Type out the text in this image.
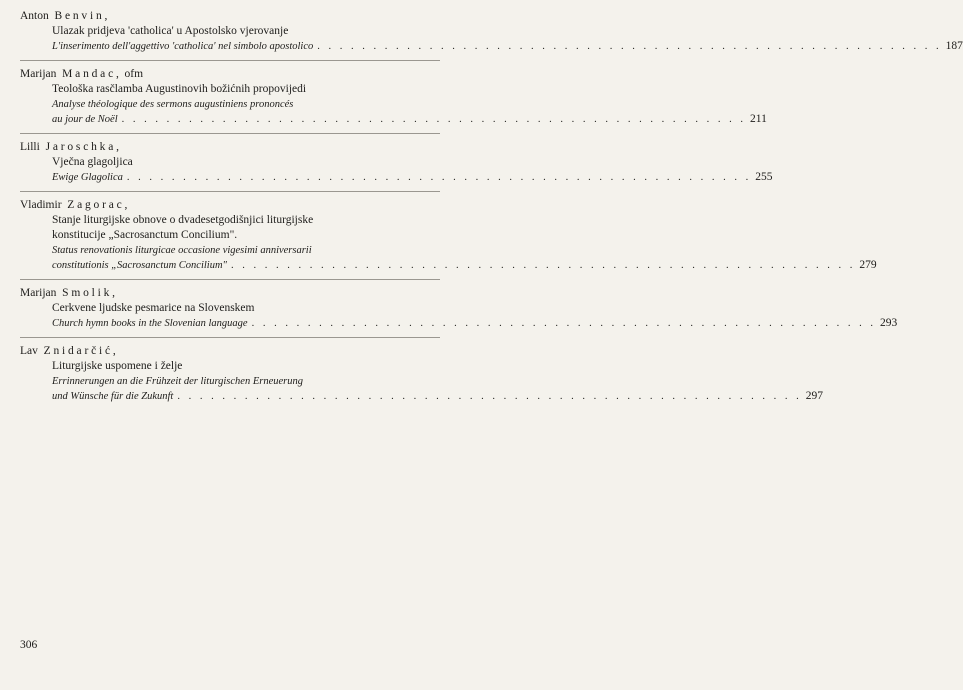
Anton  Benvin,
Ulazak pridjeva 'catholica' u Apostolsko vjerovanje
L'inserimento dell'aggettivo 'catholica' nel simbolo apostolico . . . . . . . . . . . . . . . . . . . . . . . . . . . . . . . . . . . . . . . . . . . . . . . . . . . . . . . . 187
Marijan  Mandac, ofm
Teološka rasčlamba Augustinovih božićnih propovijedi
Analyse théologique des sermons augustiniens prononcés
au jour de Noël . . . . . . . . . . . . . . . . . . . . . . . . . . . . . . . . . . . . . . . . . . . . . . . . . . . . . . . . 211
Lilli  Jaroschka,
Vječna glagoljica
Ewige Glagolica . . . . . . . . . . . . . . . . . . . . . . . . . . . . . . . . . . . . . . . . . . . . . . . . . . . . . . . . 255
Vladimir  Zagorac,
Stanje liturgijske obnove o dvadesetgodišnjici liturgijske
konstitucije „Sacrosanctum Concilium".
Status renovationis liturgicae occasione vigesimi anniversarii
constitutionis „Sacrosanctum Concilium" . . . . . . . . . . . . . . . . . . . . . . . . . . . . . . . . . . . . . . . . . . . . . . . . . . . . . . . . 279
Marijan  Smolik,
Cerkvene ljudske pesmarice na Slovenskem
Church hymn books in the Slovenian language . . . . . . . . . . . . . . . . . . . . . . . . . . . . . . . . . . . . . . . . . . . . . . . . . . . . . . . . 293
Lav  Znidarčić,
Liturgijske uspomene i želje
Errinnerungen an die Frühzeit der liturgischen Erneuerung
und Wünsche für die Zukunft . . . . . . . . . . . . . . . . . . . . . . . . . . . . . . . . . . . . . . . . . . . . . . . . . . . . . . . . 297
306
